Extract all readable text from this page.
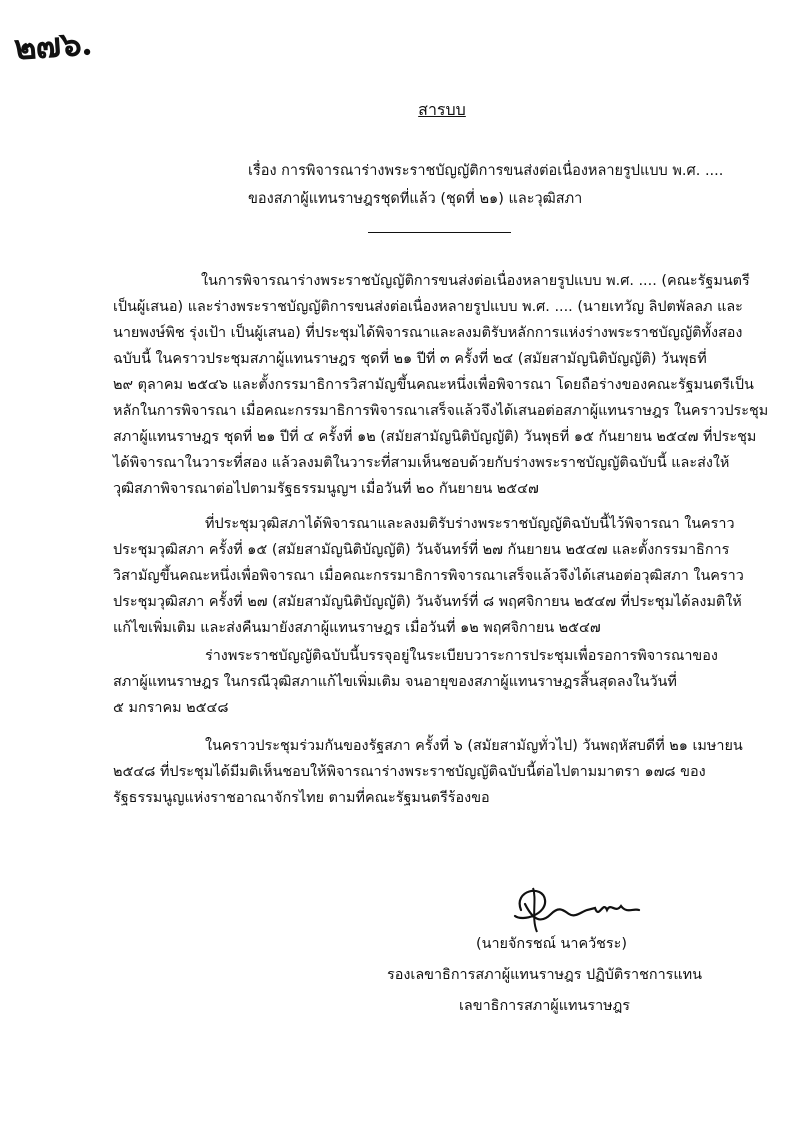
๒๗๖.
สารบบ
เรื่อง การพิจารณาร่างพระราชบัญญัติการขนส่งต่อเนื่องหลายรูปแบบ พ.ศ. ....
ของสภาผู้แทนราษฎรชุดที่แล้ว (ชุดที่ ๒๑) และวุฒิสภา
ในการพิจารณาร่างพระราชบัญญัติการขนส่งต่อเนื่องหลายรูปแบบ พ.ศ. .... (คณะรัฐมนตรี
เป็นผู้เสนอ) และร่างพระราชบัญญัติการขนส่งต่อเนื่องหลายรูปแบบ พ.ศ. .... (นายเทวัญ ลิปตพัลลภ และ
นายพงษ์พิช รุ่งเป้า เป็นผู้เสนอ) ที่ประชุมได้พิจารณาและลงมติรับหลักการแห่งร่างพระราชบัญญัติทั้งสอง
ฉบับนี้ ในคราวประชุมสภาผู้แทนราษฎร ชุดที่ ๒๑ ปีที่ ๓ ครั้งที่ ๒๔ (สมัยสามัญนิติบัญญัติ) วันพุธที่
๒๙ ตุลาคม ๒๕๔๖ และตั้งกรรมาธิการวิสามัญขึ้นคณะหนึ่งเพื่อพิจารณา โดยถือร่างของคณะรัฐมนตรีเป็น
หลักในการพิจารณา เมื่อคณะกรรมาธิการพิจารณาเสร็จแล้วจึงได้เสนอต่อสภาผู้แทนราษฎร ในคราวประชุม
สภาผู้แทนราษฎร ชุดที่ ๒๑ ปีที่ ๔ ครั้งที่ ๑๒ (สมัยสามัญนิติบัญญัติ) วันพุธที่ ๑๕ กันยายน ๒๕๔๗ ที่ประชุม
ได้พิจารณาในวาระที่สอง แล้วลงมติในวาระที่สามเห็นชอบด้วยกับร่างพระราชบัญญัติฉบับนี้ และส่งให้
วุฒิสภาพิจารณาต่อไปตามรัฐธรรมนูญฯ เมื่อวันที่ ๒๐ กันยายน ๒๕๔๗
ที่ประชุมวุฒิสภาได้พิจารณาและลงมติรับร่างพระราชบัญญัติฉบับนี้ไว้พิจารณา ในคราว
ประชุมวุฒิสภา ครั้งที่ ๑๕ (สมัยสามัญนิติบัญญัติ) วันจันทร์ที่ ๒๗ กันยายน ๒๕๔๗ และตั้งกรรมาธิการ
วิสามัญขึ้นคณะหนึ่งเพื่อพิจารณา เมื่อคณะกรรมาธิการพิจารณาเสร็จแล้วจึงได้เสนอต่อวุฒิสภา ในคราว
ประชุมวุฒิสภา ครั้งที่ ๒๗ (สมัยสามัญนิติบัญญัติ) วันจันทร์ที่ ๘ พฤศจิกายน ๒๕๔๗ ที่ประชุมได้ลงมติให้
แก้ไขเพิ่มเติม และส่งคืนมายังสภาผู้แทนราษฎร เมื่อวันที่ ๑๒ พฤศจิกายน ๒๕๔๗
ร่างพระราชบัญญัติฉบับนี้บรรจุอยู่ในระเบียบวาระการประชุมเพื่อรอการพิจารณาของ
สภาผู้แทนราษฎร ในกรณีวุฒิสภาแก้ไขเพิ่มเติม จนอายุของสภาผู้แทนราษฎรสิ้นสุดลงในวันที่
๕ มกราคม ๒๕๔๘
ในคราวประชุมร่วมกันของรัฐสภา ครั้งที่ ๖ (สมัยสามัญทั่วไป) วันพฤหัสบดีที่ ๒๑ เมษายน
๒๕๔๘ ที่ประชุมได้มีมติเห็นชอบให้พิจารณาร่างพระราชบัญญัติฉบับนี้ต่อไปตามมาตรา ๑๗๘ ของ
รัฐธรรมนูญแห่งราชอาณาจักรไทย ตามที่คณะรัฐมนตรีร้องขอ
(นายจักรชณ์ นาควัชระ)
รองเลขาธิการสภาผู้แทนราษฎร ปฏิบัติราชการแทน
เลขาธิการสภาผู้แทนราษฎร
